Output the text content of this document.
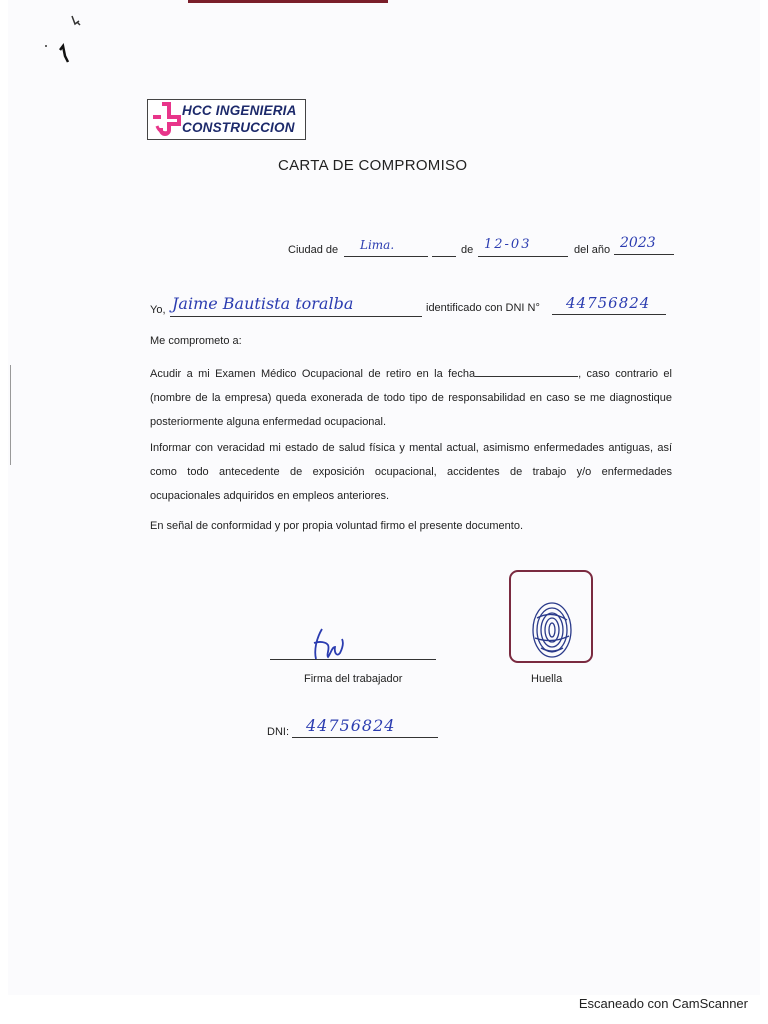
HCC INGENIERIA
CONSTRUCCION
CARTA DE COMPROMISO
Ciudad de Lima.	de 12-03	del año 2023
Yo, Jaime Bautista toralba	identificado con DNI N° 44756824
Me comprometo a:
Acudir a mi Examen Médico Ocupacional de retiro en la fecha	, caso contrario el (nombre de la empresa) queda exonerada de todo tipo de responsabilidad en caso se me diagnostique posteriormente alguna enfermedad ocupacional.
Informar con veracidad mi estado de salud física y mental actual, asimismo enfermedades antiguas, así como todo antecedente de exposición ocupacional, accidentes de trabajo y/o enfermedades ocupacionales adquiridos en empleos anteriores.
En señal de conformidad y por propia voluntad firmo el presente documento.
Firma del trabajador	Huella
DNI: 44756824
Escaneado con CamScanner
